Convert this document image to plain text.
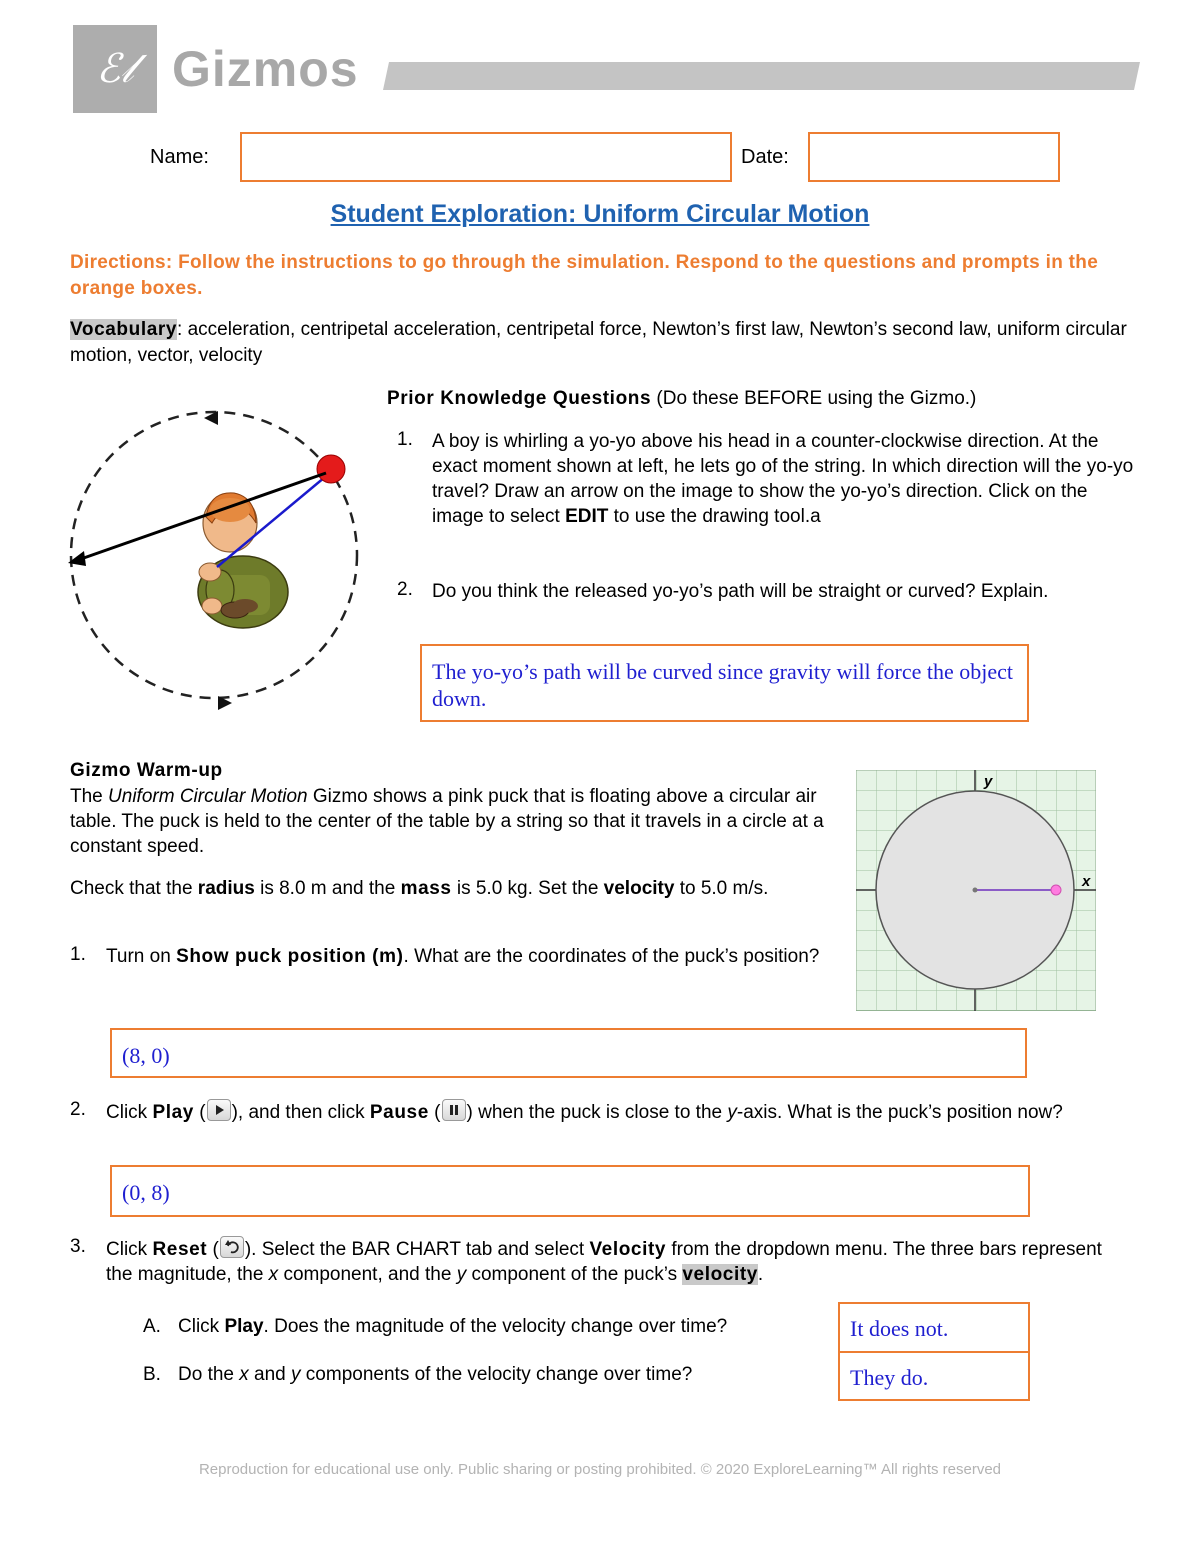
ℰ𝓁 Gizmos
Name:	Date:
Student Exploration: Uniform Circular Motion
Directions: Follow the instructions to go through the simulation. Respond to the questions and prompts in the orange boxes.
Vocabulary: acceleration, centripetal acceleration, centripetal force, Newton’s first law, Newton’s second law, uniform circular motion, vector, velocity
Prior Knowledge Questions (Do these BEFORE using the Gizmo.)
1. A boy is whirling a yo-yo above his head in a counter-clockwise direction. At the exact moment shown at left, he lets go of the string. In which direction will the yo-yo travel? Draw an arrow on the image to show the yo-yo’s direction. Click on the image to select EDIT to use the drawing tool.a
2. Do you think the released yo-yo’s path will be straight or curved? Explain.
The yo-yo’s path will be curved since gravity will force the object down.
Gizmo Warm-up
The Uniform Circular Motion Gizmo shows a pink puck that is floating above a circular air table. The puck is held to the center of the table by a string so that it travels in a circle at a constant speed.
Check that the radius is 8.0 m and the mass is 5.0 kg. Set the velocity to 5.0 m/s.
y
x
1. Turn on Show puck position (m). What are the coordinates of the puck’s position?
(8, 0)
2. Click Play ( ), and then click Pause ( ) when the puck is close to the y-axis. What is the puck’s position now?
(0, 8)
3. Click Reset ( ). Select the BAR CHART tab and select Velocity from the dropdown menu. The three bars represent the magnitude, the x component, and the y component of the puck’s velocity.
A. Click Play. Does the magnitude of the velocity change over time?
B. Do the x and y components of the velocity change over time?
It does not.
They do.
Reproduction for educational use only. Public sharing or posting prohibited. © 2020 ExploreLearning™ All rights reserved
